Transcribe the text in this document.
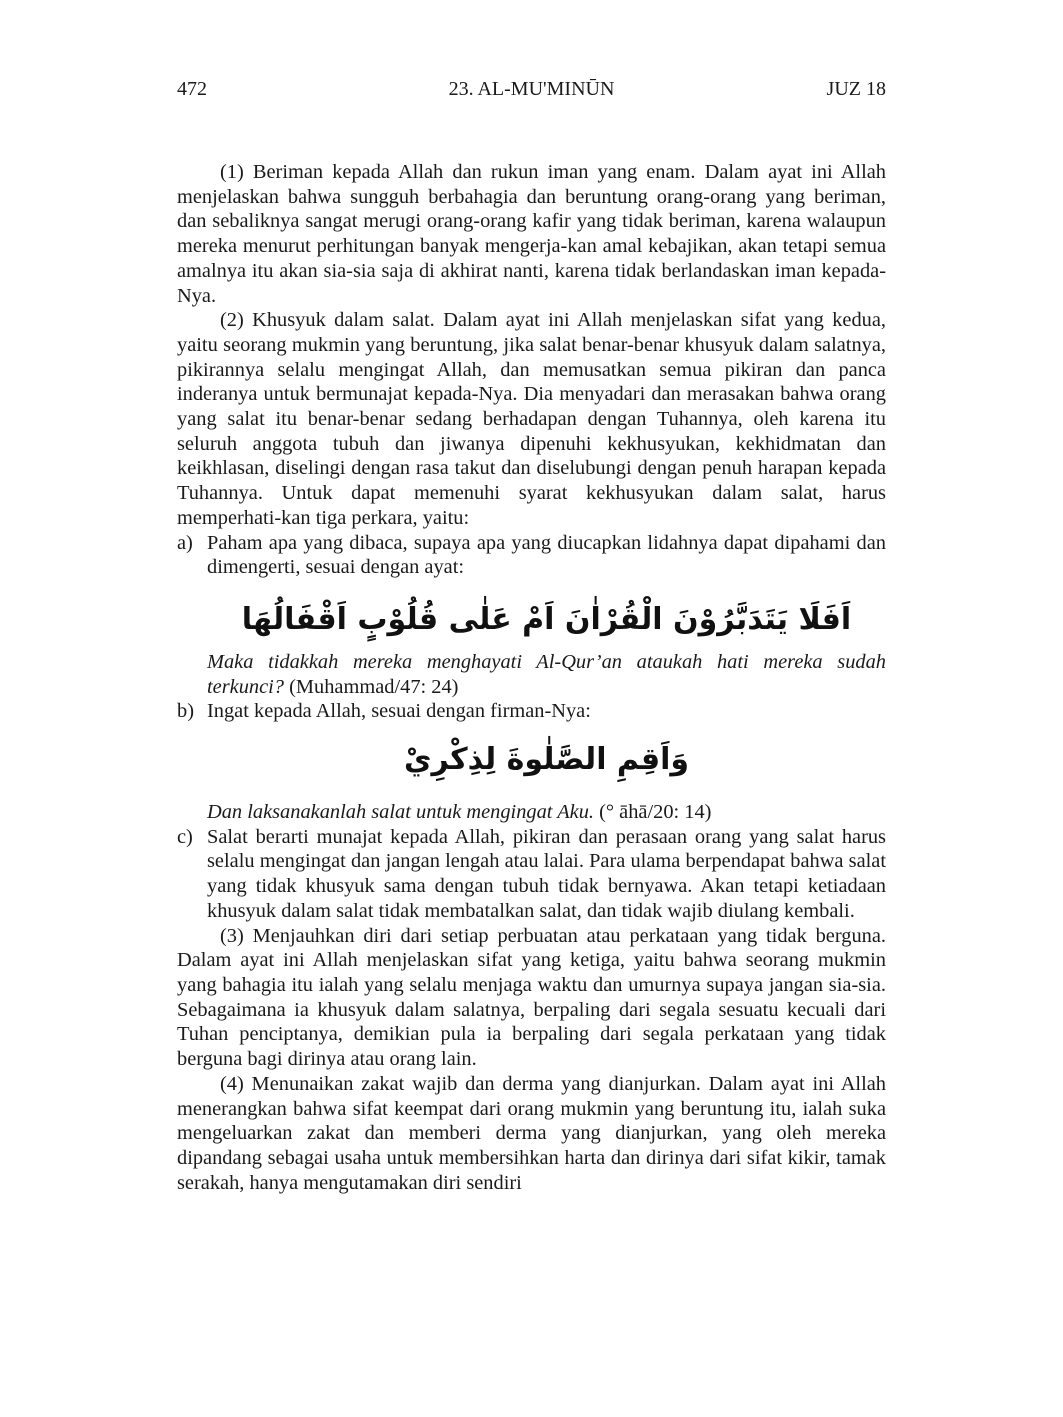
472	23. AL-MU'MINŪN	JUZ 18

(1) Beriman kepada Allah dan rukun iman yang enam. Dalam ayat ini Allah menjelaskan bahwa sungguh berbahagia dan beruntung orang-orang yang beriman, dan sebaliknya sangat merugi orang-orang kafir yang tidak beriman, karena walaupun mereka menurut perhitungan banyak mengerja-kan amal kebajikan, akan tetapi semua amalnya itu akan sia-sia saja di akhirat nanti, karena tidak berlandaskan iman kepada-Nya.

(2) Khusyuk dalam salat. Dalam ayat ini Allah menjelaskan sifat yang kedua, yaitu seorang mukmin yang beruntung, jika salat benar-benar khusyuk dalam salatnya, pikirannya selalu mengingat Allah, dan memusatkan semua pikiran dan panca inderanya untuk bermunajat kepada-Nya. Dia menyadari dan merasakan bahwa orang yang salat itu benar-benar sedang berhadapan dengan Tuhannya, oleh karena itu seluruh anggota tubuh dan jiwanya dipenuhi kekhusyukan, kekhidmatan dan keikhlasan, diselingi dengan rasa takut dan diselubungi dengan penuh harapan kepada Tuhannya. Untuk dapat memenuhi syarat kekhusyukan dalam salat, harus memperhati-kan tiga perkara, yaitu:

a) Paham apa yang dibaca, supaya apa yang diucapkan lidahnya dapat dipahami dan dimengerti, sesuai dengan ayat:
اَفَلَا يَتَدَبَّرُوْنَ الْقُرْاٰنَ اَمْ عَلٰى قُلُوْبٍ اَقْفَالُهَا

Maka tidakkah mereka menghayati Al-Qur’an ataukah hati mereka sudah terkunci? (Muhammad/47: 24)

b) Ingat kepada Allah, sesuai dengan firman-Nya:
وَاَقِمِ الصَّلٰوةَ لِذِكْرِيْ

Dan laksanakanlah salat untuk mengingat Aku. (° āhā/20: 14)

c) Salat berarti munajat kepada Allah, pikiran dan perasaan orang yang salat harus selalu mengingat dan jangan lengah atau lalai. Para ulama berpendapat bahwa salat yang tidak khusyuk sama dengan tubuh tidak bernyawa. Akan tetapi ketiadaan khusyuk dalam salat tidak membatalkan salat, dan tidak wajib diulang kembali.

(3) Menjauhkan diri dari setiap perbuatan atau perkataan yang tidak berguna. Dalam ayat ini Allah menjelaskan sifat yang ketiga, yaitu bahwa seorang mukmin yang bahagia itu ialah yang selalu menjaga waktu dan umurnya supaya jangan sia-sia. Sebagaimana ia khusyuk dalam salatnya, berpaling dari segala sesuatu kecuali dari Tuhan penciptanya, demikian pula ia berpaling dari segala perkataan yang tidak berguna bagi dirinya atau orang lain.

(4) Menunaikan zakat wajib dan derma yang dianjurkan. Dalam ayat ini Allah menerangkan bahwa sifat keempat dari orang mukmin yang beruntung itu, ialah suka mengeluarkan zakat dan memberi derma yang dianjurkan, yang oleh mereka dipandang sebagai usaha untuk membersihkan harta dan dirinya dari sifat kikir, tamak serakah, hanya mengutamakan diri sendiri
